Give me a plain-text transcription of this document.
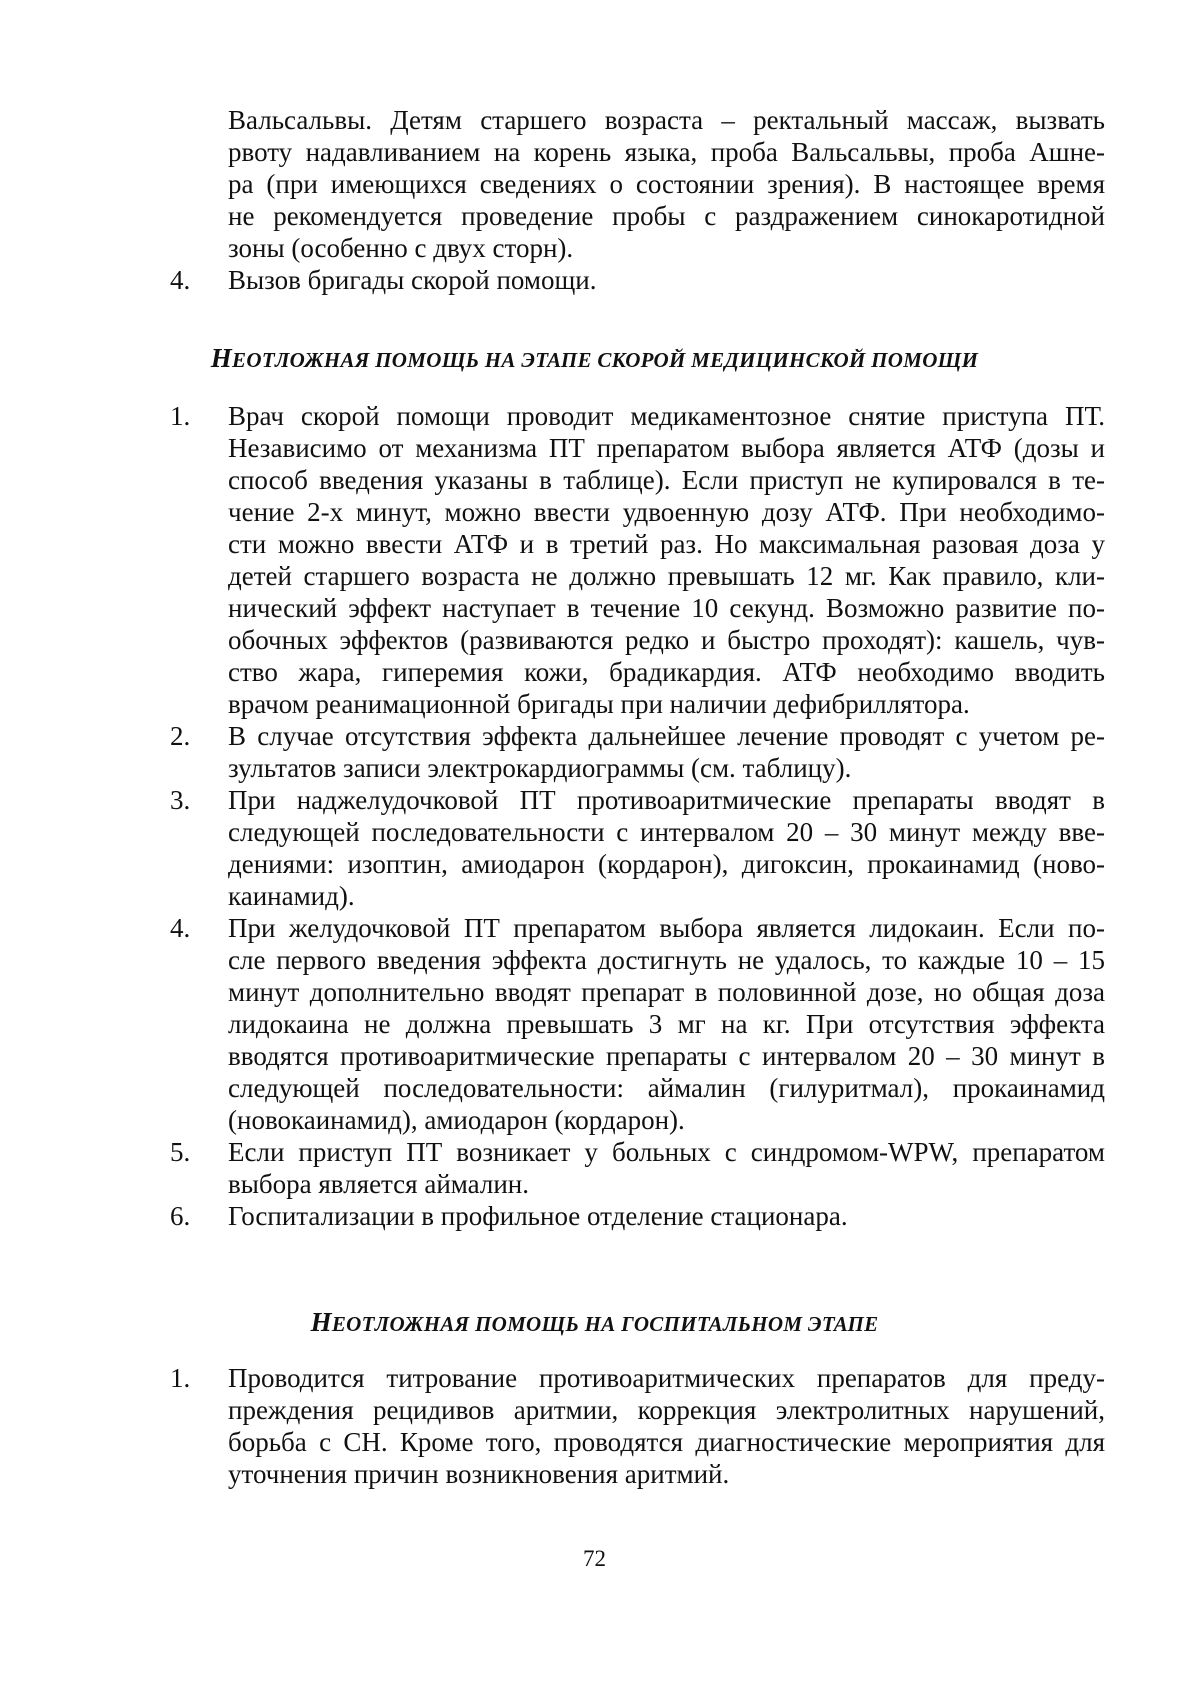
Вальсальвы. Детям старшего возраста – ректальный массаж, вызвать
рвоту надавливанием на корень языка, проба Вальсальвы, проба Ашне-
ра (при имеющихся сведениях о состоянии зрения). В настоящее время
не рекомендуется проведение пробы с раздражением синокаротидной
зоны (особенно с двух сторн).
4. Вызов бригады скорой помощи.
НЕОТЛОЖНАЯ ПОМОЩЬ НА ЭТАПЕ СКОРОЙ МЕДИЦИНСКОЙ ПОМОЩИ
1. Врач скорой помощи проводит медикаментозное снятие приступа ПТ.
Независимо от механизма ПТ препаратом выбора является АТФ (дозы и
способ введения указаны в таблице). Если приступ не купировался в те-
чение 2-х минут, можно ввести удвоенную дозу АТФ. При необходимо-
сти можно ввести АТФ и в третий раз. Но максимальная разовая доза у
детей старшего возраста не должно превышать 12 мг. Как правило, кли-
нический эффект наступает в течение 10 секунд. Возможно развитие по-
обочных эффектов (развиваются редко и быстро проходят): кашель, чув-
ство жара, гиперемия кожи, брадикардия. АТФ необходимо вводить
врачом реанимационной бригады при наличии дефибриллятора.
2. В случае отсутствия эффекта дальнейшее лечение проводят с учетом ре-
зультатов записи электрокардиограммы (см. таблицу).
3. При наджелудочковой ПТ противоаритмические препараты вводят в
следующей последовательности с интервалом 20 – 30 минут между вве-
дениями: изоптин, амиодарон (кордарон), дигоксин, прокаинамид (ново-
каинамид).
4. При желудочковой ПТ препаратом выбора является лидокаин. Если по-
сле первого введения эффекта достигнуть не удалось, то каждые 10 – 15
минут дополнительно вводят препарат в половинной дозе, но общая доза
лидокаина не должна превышать 3 мг на кг. При отсутствия эффекта
вводятся противоаритмические препараты с интервалом 20 – 30 минут в
следующей последовательности: аймалин (гилуритмал), прокаинамид
(новокаинамид), амиодарон (кордарон).
5. Если приступ ПТ возникает у больных с синдромом-WPW, препаратом
выбора является аймалин.
6. Госпитализации в профильное отделение стационара.
НЕОТЛОЖНАЯ ПОМОЩЬ НА ГОСПИТАЛЬНОМ ЭТАПЕ
1. Проводится титрование противоаритмических препаратов для преду-
преждения рецидивов аритмии, коррекция электролитных нарушений,
борьба с СН. Кроме того, проводятся диагностические мероприятия для
уточнения причин возникновения аритмий.
72
